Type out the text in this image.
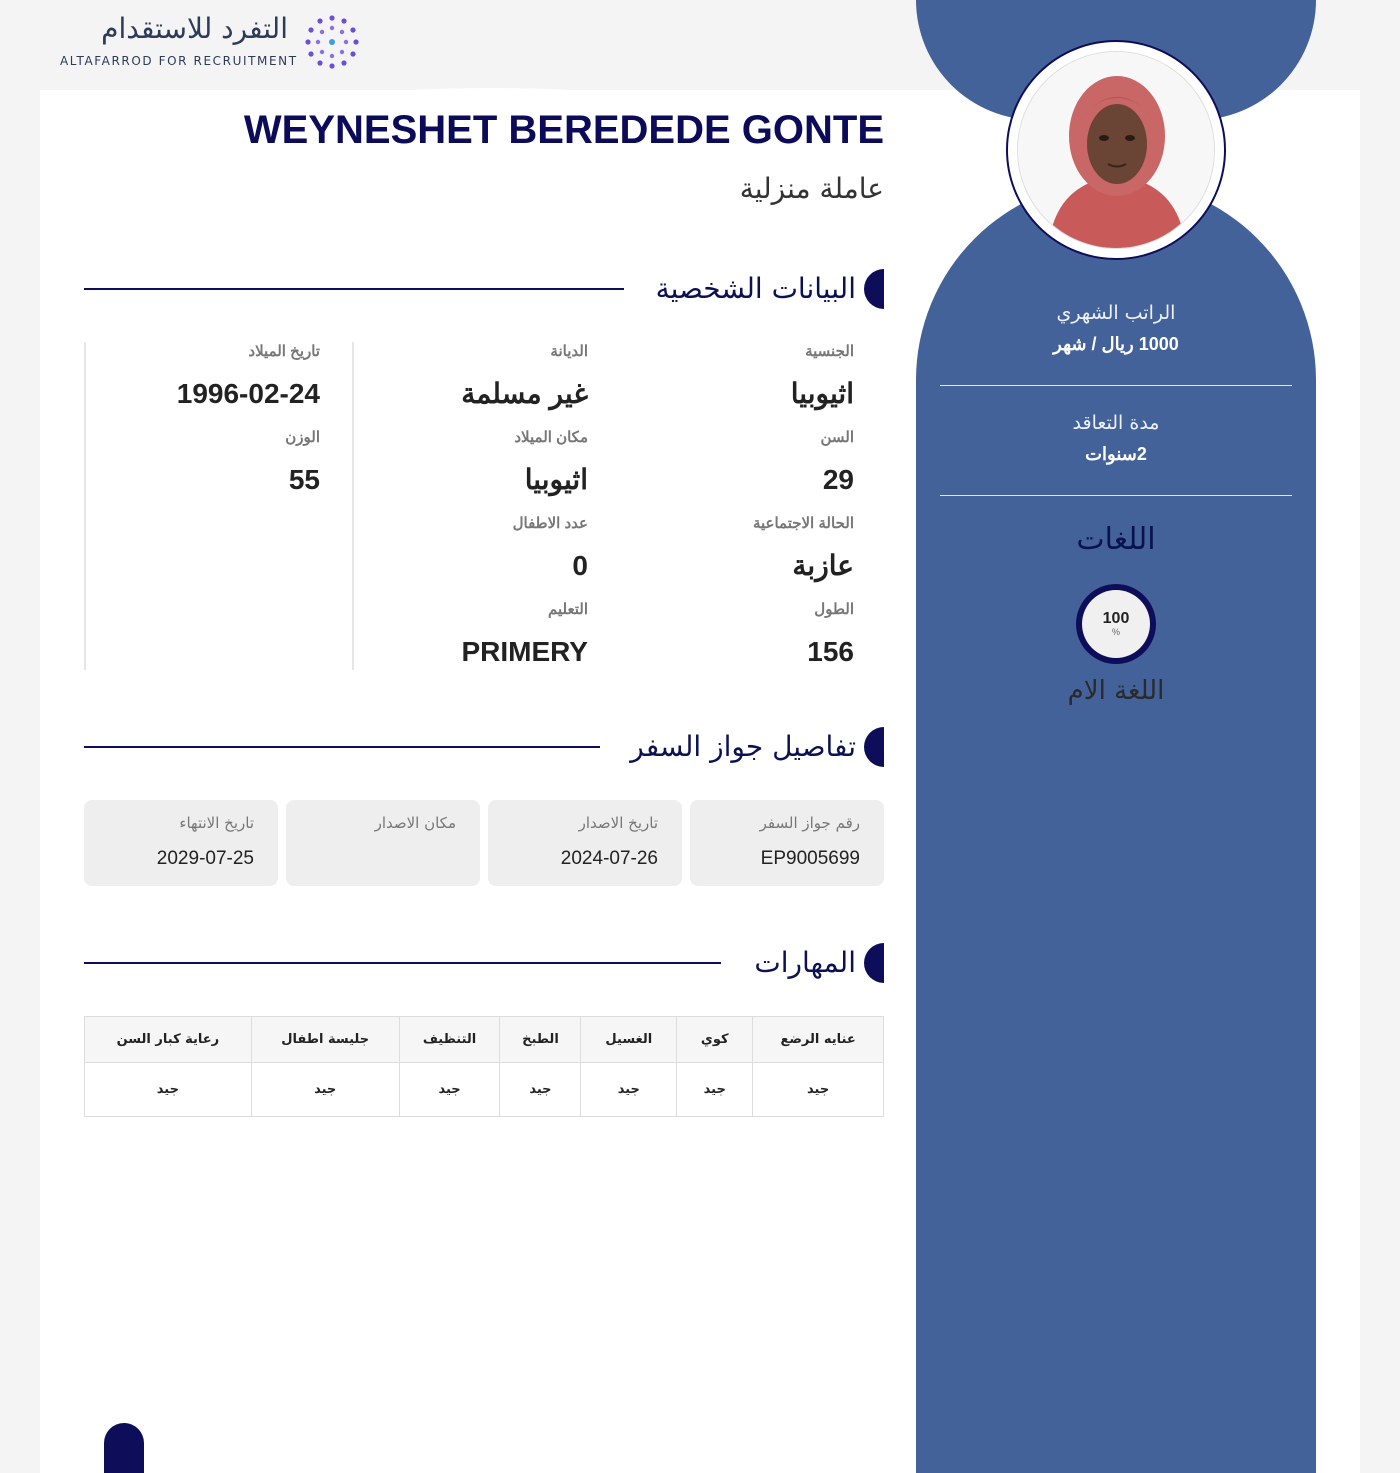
التفرد للاستقدام
ALTAFARROD FOR RECRUITMENT
WEYNESHET BEREDEDE GONTE
عاملة منزلية
البيانات الشخصية
الجنسية
اثيوبيا
السن
29
الحالة الاجتماعية
عازبة
الطول
156
الديانة
غير مسلمة
مكان الميلاد
اثيوبيا
عدد الاطفال
0
التعليم
PRIMERY
تاريخ الميلاد
1996-02-24
الوزن
55
تفاصيل جواز السفر
رقم جواز السفر
EP9005699
تاريخ الاصدار
2024-07-26
مكان الاصدار
تاريخ الانتهاء
2029-07-25
المهارات
عنايه الرضع	كوي	الغسيل	الطبخ	التنظيف	جليسة اطفال	رعاية كبار السن
جيد	جيد	جيد	جيد	جيد	جيد	جيد
الراتب الشهري
1000 ريال / شهر
مدة التعاقد
2سنوات
اللغات
100
%
اللغة الام
